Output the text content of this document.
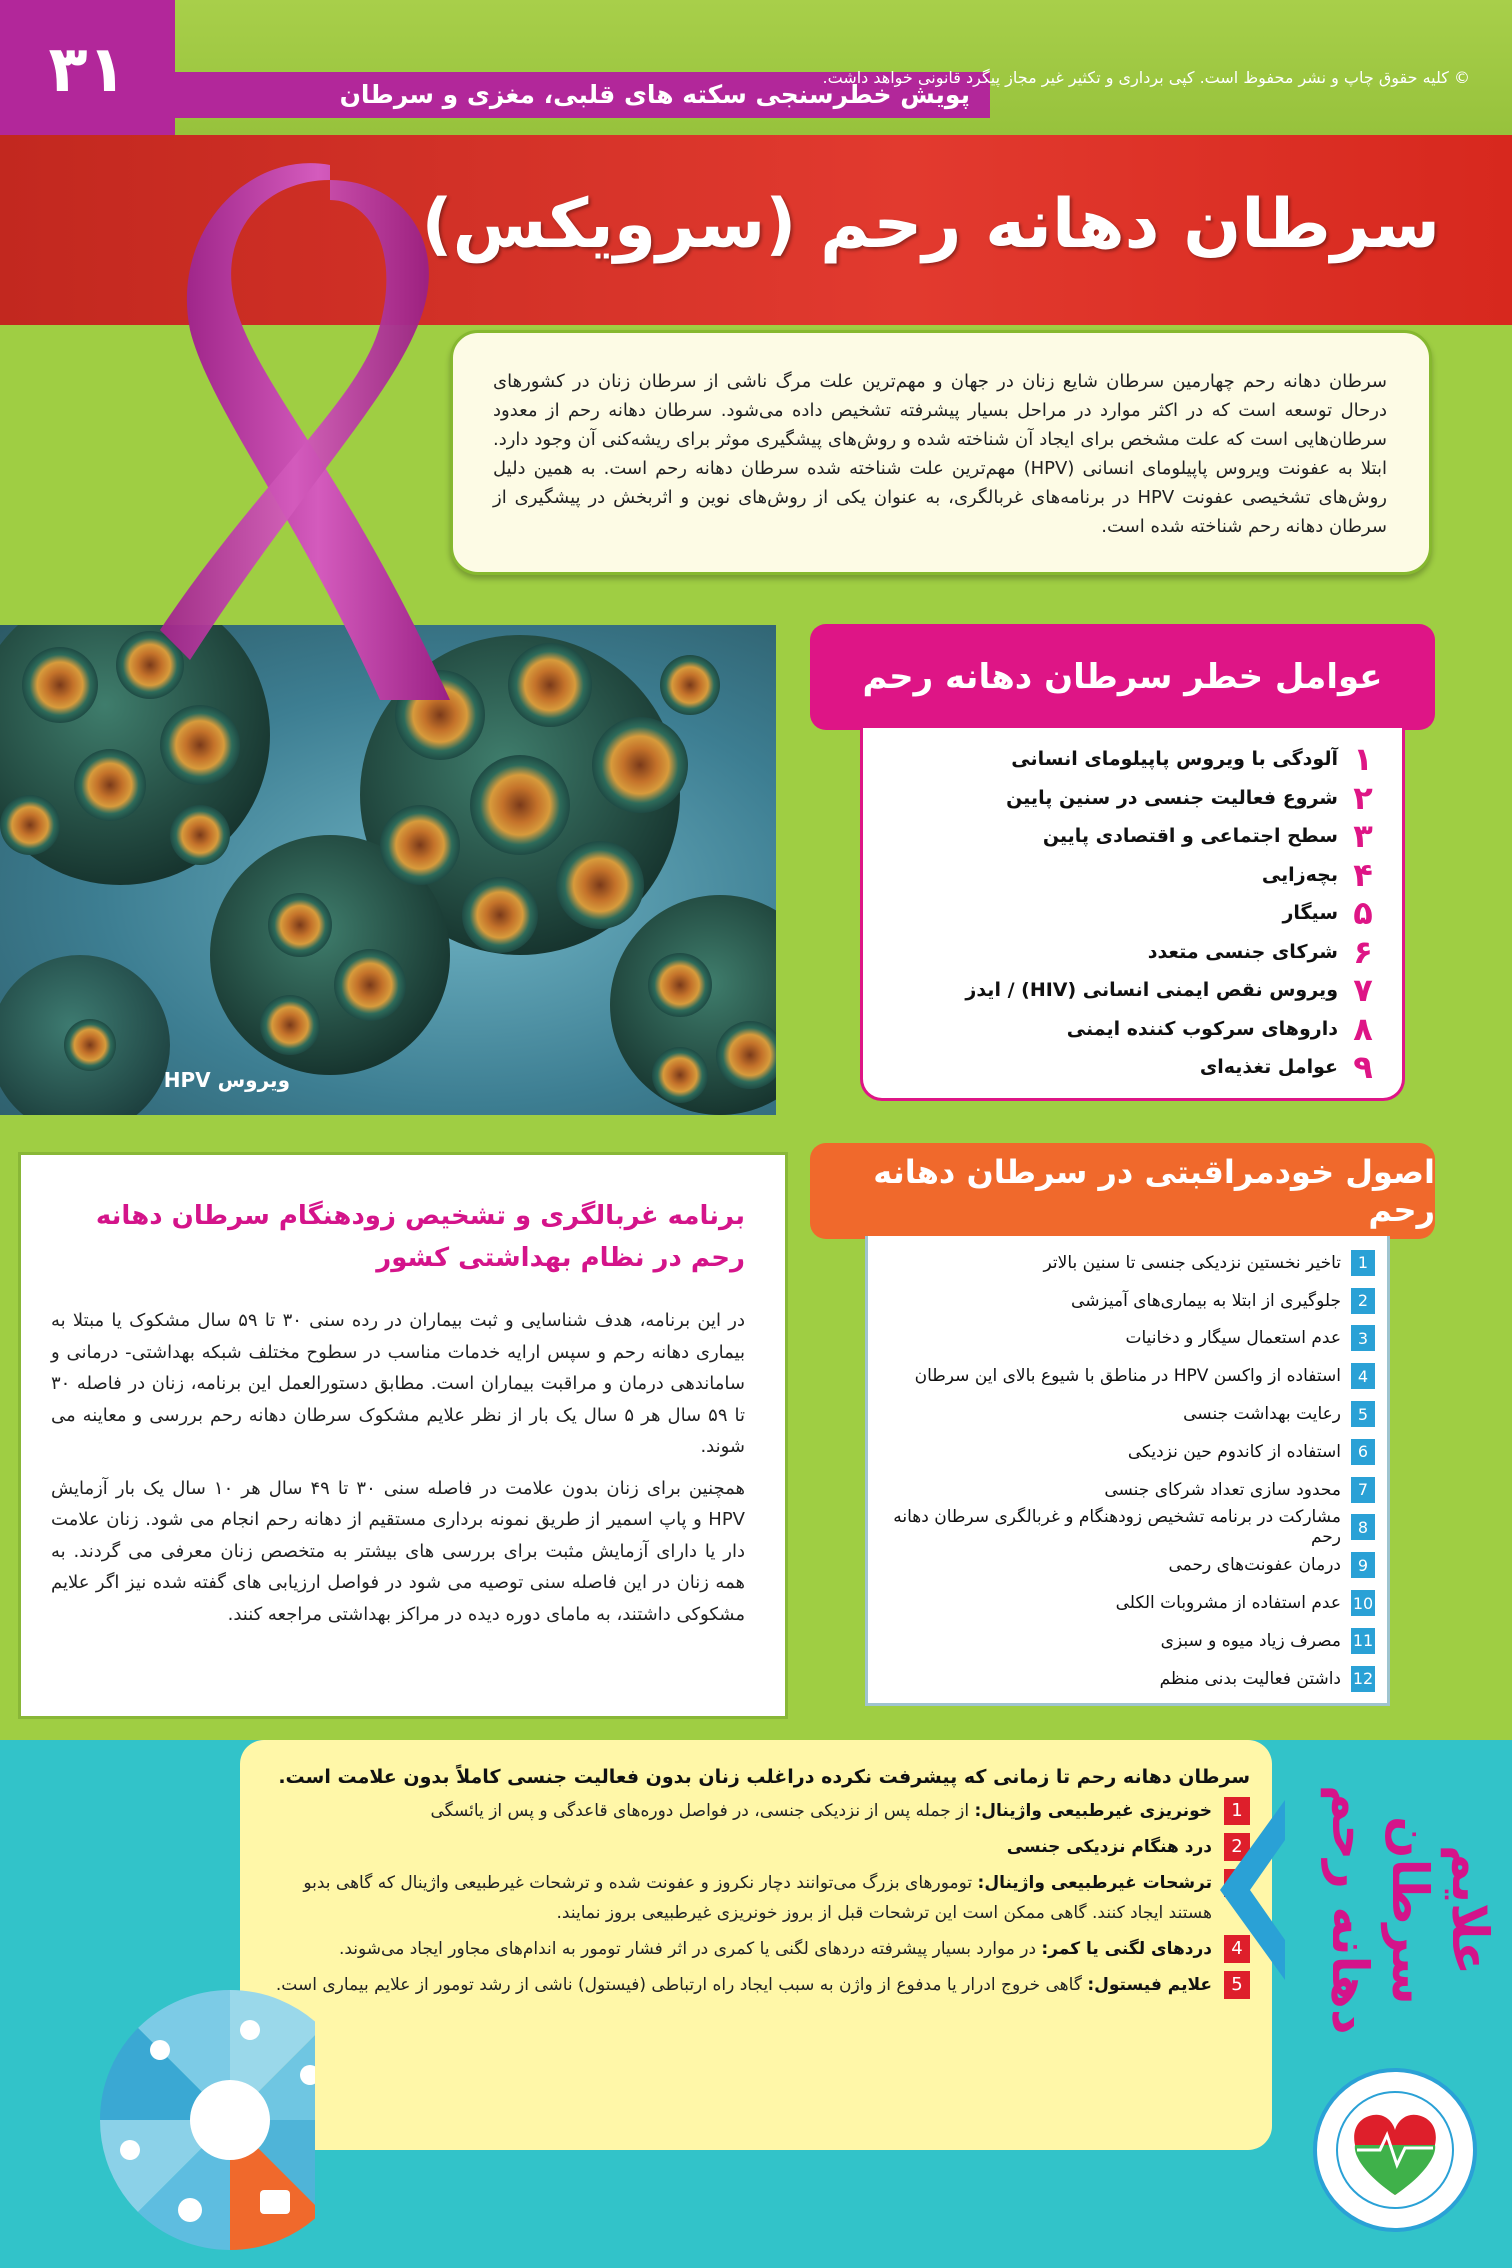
۳۱	پویش خطرسنجی سکته های قلبی، مغزی و سرطان
© کلیه حقوق چاپ و نشر محفوظ است. کپی برداری و تکثیر غیر مجاز پیگرد قانونی خواهد داشت.
سرطان دهانه رحم (سرویکس)
سرطان دهانه رحم چهارمین سرطان شایع زنان در جهان و مهم‌ترین علت مرگ ناشی از سرطان زنان در کشورهای درحال توسعه است که در اکثر موارد در مراحل بسیار پیشرفته تشخیص داده می‌شود. سرطان دهانه رحم از معدود سرطان‌هایی است که علت مشخص برای ایجاد آن شناخته شده و روش‌های پیشگیری موثر برای ریشه‌کنی آن وجود دارد. ابتلا به عفونت ویروس پاپیلومای انسانی (HPV) مهم‌ترین علت شناخته شده سرطان دهانه رحم است. به همین دلیل روش‌های تشخیصی عفونت HPV در برنامه‌های غربالگری، به عنوان یکی از روش‌های نوین و اثربخش در پیشگیری از سرطان دهانه رحم شناخته شده است.
ویروس HPV
عوامل خطر سرطان دهانه رحم
۱
آلودگی با ویروس پاپیلومای انسانی
۲
شروع فعالیت جنسی در سنین پایین
۳
سطح اجتماعی و اقتصادی پایین
۴
بچه‌زایی
۵
سیگار
۶
شرکای جنسی متعدد
۷
ویروس نقص ایمنی انسانی (HIV) / ایدز
۸
داروهای سرکوب کننده ایمنی
۹
عوامل تغذیه‌ای
اصول خودمراقبتی در سرطان دهانه رحم
1
تاخیر نخستین نزدیکی جنسی تا سنین بالاتر
2
جلوگیری از ابتلا به بیماری‌های آمیزشی
3
عدم استعمال سیگار و دخانیات
4
استفاده از واکسن HPV در مناطق با شیوع بالای این سرطان
5
رعایت بهداشت جنسی
6
استفاده از کاندوم حین نزدیکی
7
محدود سازی تعداد شرکای جنسی
8
مشارکت در برنامه تشخیص زودهنگام و غربالگری سرطان دهانه رحم
9
درمان عفونت‌های رحمی
10
عدم استفاده از مشروبات الکلی
11
مصرف زیاد میوه و سبزی
12
داشتن فعالیت بدنی منظم
برنامه غربالگری و تشخیص زودهنگام سرطان دهانه رحم در نظام بهداشتی کشور

در این برنامه، هدف شناسایی و ثبت بیماران در رده سنی ۳۰ تا ۵۹ سال مشکوک یا مبتلا به بیماری دهانه رحم و سپس ارایه خدمات مناسب در سطوح مختلف شبکه بهداشتی- درمانی و ساماندهی درمان و مراقبت بیماران است. مطابق دستورالعمل این برنامه، زنان در فاصله ۳۰ تا ۵۹ سال هر ۵ سال یک بار از نظر علایم مشکوک سرطان دهانه رحم بررسی و معاینه می شوند.

همچنین برای زنان بدون علامت در فاصله سنی ۳۰ تا ۴۹ سال هر ۱۰ سال یک بار آزمایش HPV و پاپ اسمیر از طریق نمونه برداری مستقیم از دهانه رحم انجام می شود. زنان علامت دار یا دارای آزمایش مثبت برای بررسی های بیشتر به متخصص زنان معرفی می گردند. به همه زنان در این فاصله سنی توصیه می شود در فواصل ارزیابی های گفته شده نیز اگر علایم مشکوکی داشتند، به مامای دوره دیده در مراکز بهداشتی مراجعه کنند.

سرطان دهانه رحم تا زمانی که پیشرفت نکرده دراغلب زنان بدون فعالیت جنسی کاملاً بدون علامت است.
1
خونریزی غیرطبیعی واژینال: از جمله پس از نزدیکی جنسی، در فواصل دوره‌های قاعدگی و پس از یائسگی
2
درد هنگام نزدیکی جنسی
ترشحات غیرطبیعی واژینال: تومورهای بزرگ می‌توانند دچار نکروز و عفونت شده و ترشحات غیرطبیعی واژینال که گاهی بدبو هستند ایجاد کنند. گاهی ممکن است این ترشحات قبل از بروز خونریزی غیرطبیعی بروز نمایند.
4
دردهای لگنی یا کمر: در موارد بسیار پیشرفته دردهای لگنی یا کمری در اثر فشار تومور به اندام‌های مجاور ایجاد می‌شوند.
5
علایم فیستول: گاهی خروج ادرار یا مدفوع از واژن به سبب ایجاد راه ارتباطی (فیستول) ناشی از رشد تومور از علایم بیماری است.
علایم سرطان دهانه رحم
